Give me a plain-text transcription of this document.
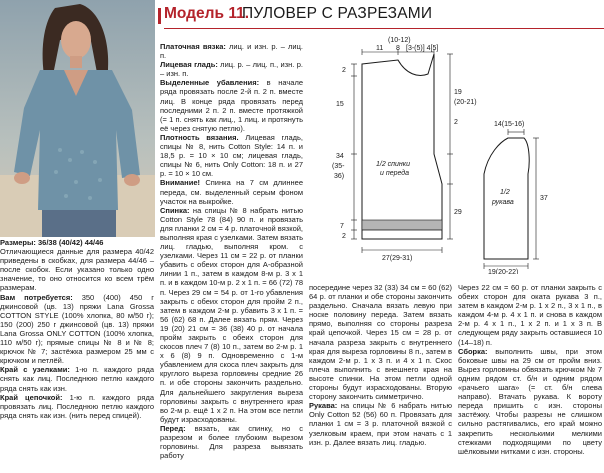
Модель 11.
ПУЛОВЕР С РАЗРЕЗАМИ

Размеры: 36/38 (40/42) 44/46

Отличающиеся данные для размера 40/42 приведены в скобках, для размера 44/46 – после скобок. Если указано только одно значение, то оно относится ко всем трём размерам.

Вам потребуется: 350 (400) 450 г джинсовой (цв. 13) пряжи Lana Grossa COTTON STYLE (100% хлопка, 80 м/50 г); 150 (200) 250 г джинсовой (цв. 13) пряжи Lana Grossa ONLY COTTON (100% хлопка, 110 м/50 г); прямые спицы № 8 и № 8; крючок № 7; застёжка размером 25 мм с крючком и петлёй.

Край с узелками: 1-ю п. каждого ряда снять как лиц. Последнюю петлю каждого ряда снять как изн.

Край цепочкой: 1-ю п. каждого ряда провязать лиц. Последнюю петлю каждого ряда снять как изн. (нить перед спицей).

Платочная вязка: лиц. и изн. р. – лиц. п.

Лицевая гладь: лиц. р. – лиц. п., изн. р. – изн. п.

Выделенные убавления: в начале ряда провязать после 2-й п. 2 п. вместе лиц. В конце ряда провязать перед последними 2 п. 2 п. вместе протяжкой (= 1 п. снять как лиц., 1 лиц. и протянуть её через снятую петлю).

Плотность вязания. Лицевая гладь, спицы № 8, нить Cotton Style: 14 п. и 18,5 р. = 10 × 10 см; лицевая гладь, спицы № 6, нить Only Cotton: 18 п. и 27 р. = 10 × 10 см.

Внимание! Спинка на 7 см длиннее переда, см. выделенный серым фоном участок на выкройке.

Спинка: на спицы № 8 набрать нитью Cotton Style 78 (84) 90 п. и провязать для планки 2 см = 4 р. платочной вязкой, выполняя края с узелками. Затем вязать лиц. гладью, выполняя кром. с узелками. Через 11 см = 22 р. от планки убавить с обеих сторон для А-образной линии 1 п., затем в каждом 8-м р. 3 х 1 п. и в каждом 10-м р. 2 х 1 п. = 66 (72) 78 п. Через 29 см = 54 р. от 1-го убавления закрыть с обеих сторон для пройм 2 п., затем в каждом 2-м р. убавить 3 х 1 п. = 56 (62) 68 п. Далее вязать прям. Через 19 (20) 21 см = 36 (38) 40 р. от начала пройм закрыть с обеих сторон для скосов плеч 7 (8) 10 п., затем во 2-м р. 1 х 6 (8) 9 п. Одновременно с 1-м убавлением для скоса плеч закрыть для круглого выреза горловины средние 26 п. и обе стороны закончить раздельно. Для дальнейшего закругления выреза горловины закрыть с внутреннего края во 2-м р. ещё 1 х 2 п. На этом все петли будут израсходованы.

Перед: вязать, как спинку, но с разрезом и более глубоким вырезом горловины. Для разреза вывязать работу

(10-12)
11 8 [3-(5)] 4[5]
2
15
34
(35-
36)
7
2
19
(20-21)
2
29
27(29-31)
1/2 спинки
и переда
14(15-16)
1/2
рукава
37
19(20-22)

посередине через 32 (33) 34 см = 60 (62) 64 р. от планки и обе стороны закончить раздельно. Сначала вязать левую при носке половину переда. Затем вязать прямо, выполняя со стороны разреза край цепочкой. Через 15 см = 28 р. от начала разреза закрыть с внутреннего края для выреза горловины 8 п., затем в каждом 2-м р. 1 х 3 п. и 4 х 1 п. Скос плеча выполнить с внешнего края на высоте спинки. На этом петли одной стороны будут израсходованы. Вторую сторону закончить симметрично.

Рукава: на спицы № 6 набрать нитью Only Cotton 52 (56) 60 п. Провязать для планки 1 см = 3 р. платочной вязкой с узелковым краем, при этом начать с 1 изн. р. Далее вязать лиц. гладью.

Через 22 см = 60 р. от планки закрыть с обеих сторон для оката рукава 3 п., затем в каждом 2-м р. 1 х 2 п., 3 х 1 п., в каждом 4-м р. 4 х 1 п. и снова в каждом 2-м р. 4 х 1 п., 1 х 2 п. и 1 х 3 п. В следующем ряду закрыть оставшиеся 10 (14–18) п.

Сборка: выполнить швы, при этом боковые швы на 29 см от пройм вниз. Вырез горловины обвязать крючком № 7 одним рядом ст. б/н и одним рядом «рачьего шага» (= ст. б/н слева направо). Втачать рукава. К вороту переда пришить с изн. стороны застёжку. Чтобы разрезы не слишком сильно растягивались, его край можно закрепить несколькими мелкими стежками подходящими по цвету шёлковыми нитками с изн. стороны.
